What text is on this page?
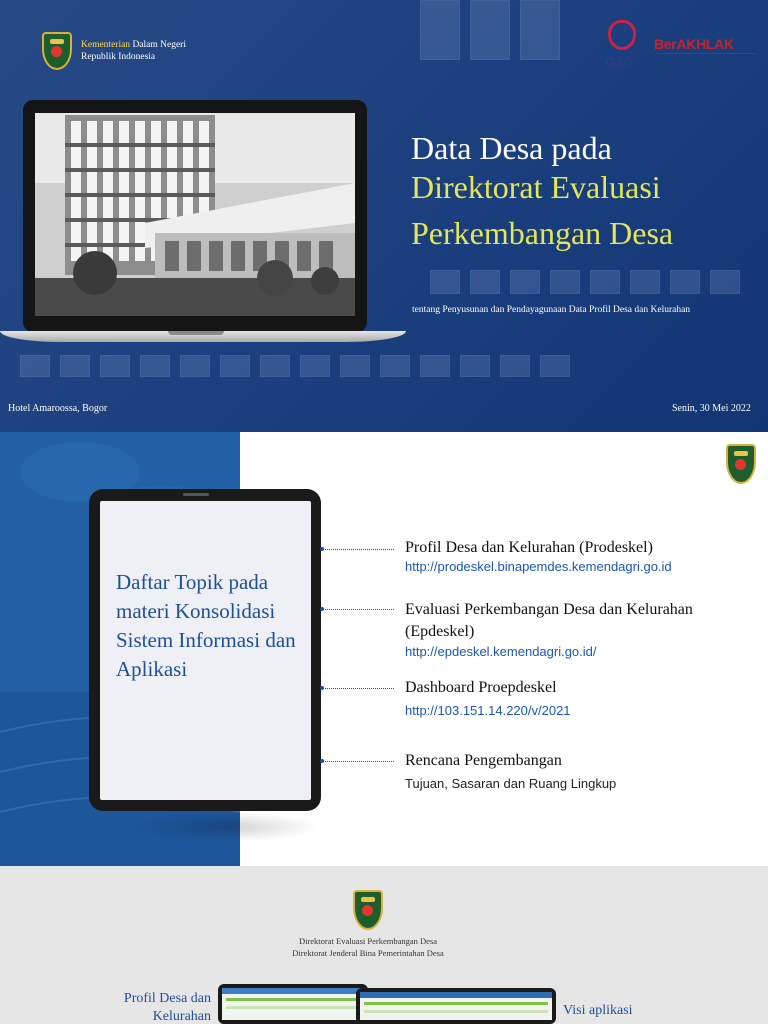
Kementerian Dalam Negeri
Republik Indonesia	G20
BerAKHLAK
Data Desa pada
Direktorat Evaluasi
Perkembangan Desa
tentang Penyusunan dan Pendayagunaan Data Profil Desa dan Kelurahan
Hotel Amaroossa, Bogor	Senin, 30 Mei 2022
Daftar Topik pada materi Konsolidasi Sistem Informasi dan Aplikasi
Profil Desa dan Kelurahan (Prodeskel)
http://prodeskel.binapemdes.kemendagri.go.id
Evaluasi Perkembangan Desa dan Kelurahan (Epdeskel)
http://epdeskel.kemendagri.go.id/
Dashboard Proepdeskel
http://103.151.14.220/v/2021
Rencana Pengembangan
Tujuan, Sasaran dan Ruang Lingkup
Direktorat Evaluasi Perkembangan Desa
Direktorat Jenderal Bina Pemerintahan Desa
Profil Desa dan Kelurahan	Visi aplikasi
